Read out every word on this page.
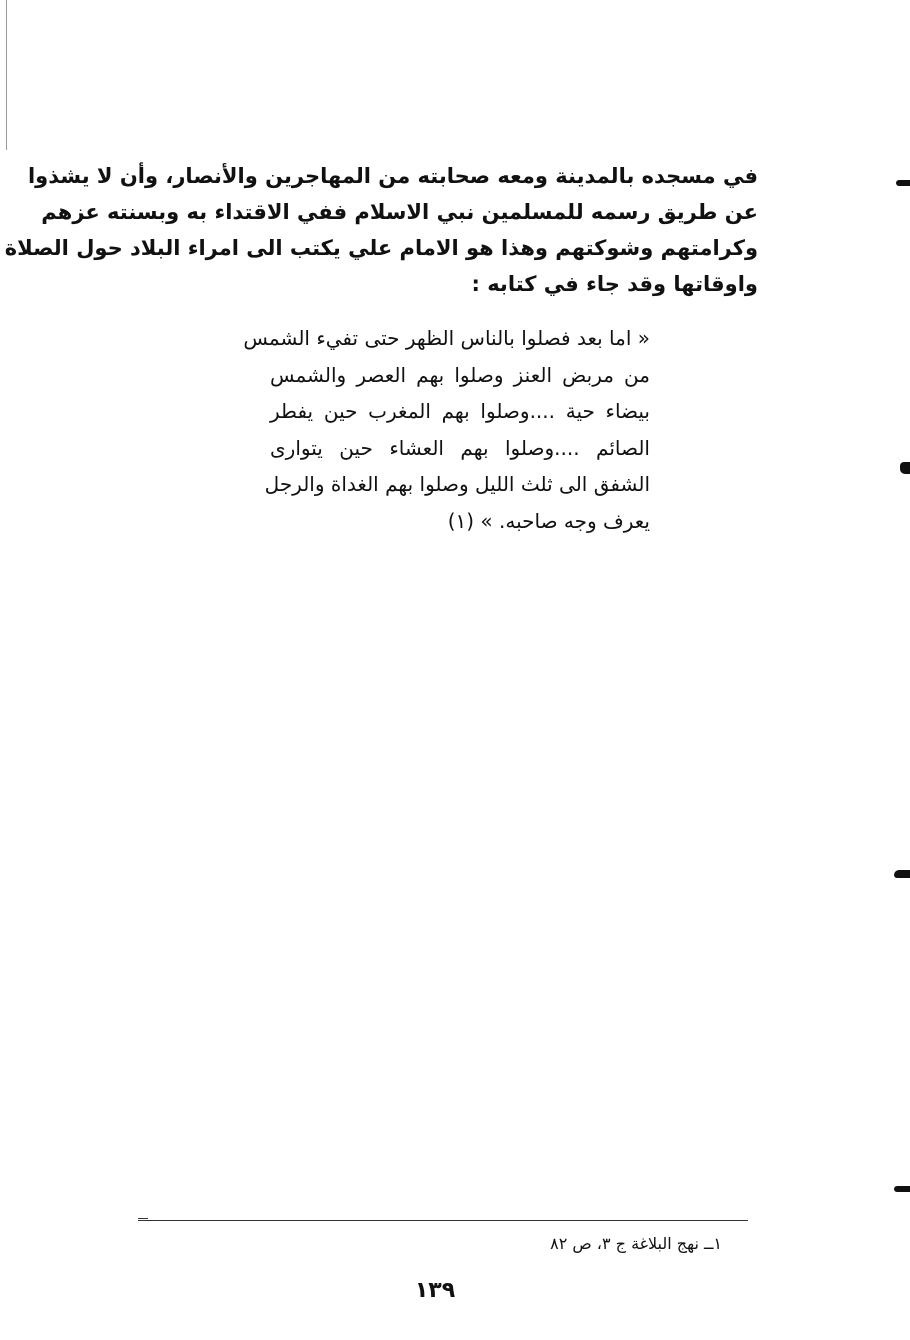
في مسجده بالمدينة ومعه صحابته من المهاجرين والأنصار، وأن لا يشذوا
عن طريق رسمه للمسلمين نبي الاسلام ففي الاقتداء به وبسنته عزهم
وكرامتهم وشوكتهم وهذا هو الامام علي يكتب الى امراء البلاد حول الصلاة
واوقاتها وقد جاء في كتابه :
« اما بعد فصلوا بالناس الظهر حتى تفيء الشمس
من مربض العنز وصلوا بهم العصر والشمس
بيضاء حية ....وصلوا بهم المغرب حين يفطر
الصائم ....وصلوا بهم العشاء حين يتوارى
الشفق الى ثلث الليل وصلوا بهم الغداة والرجل
يعرف وجه صاحبه. » (١)
١ــ نهج البلاغة ج ٣، ص ٨٢
١٣٩
